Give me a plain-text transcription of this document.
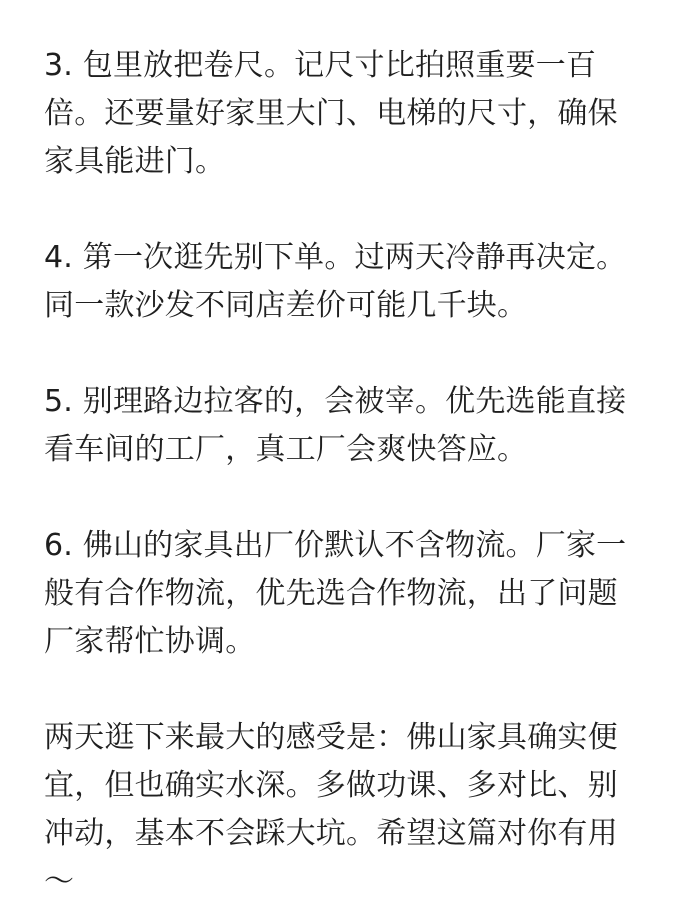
3. 包里放把卷尺。记尺寸比拍照重要一百
倍。还要量好家里大门、电梯的尺寸，确保
家具能进门。
4. 第一次逛先别下单。过两天冷静再决定。
同一款沙发不同店差价可能几千块。
5. 别理路边拉客的，会被宰。优先选能直接
看车间的工厂，真工厂会爽快答应。
6. 佛山的家具出厂价默认不含物流。厂家一
般有合作物流，优先选合作物流，出了问题
厂家帮忙协调。
两天逛下来最大的感受是：佛山家具确实便
宜，但也确实水深。多做功课、多对比、别
冲动，基本不会踩大坑。希望这篇对你有用
～
